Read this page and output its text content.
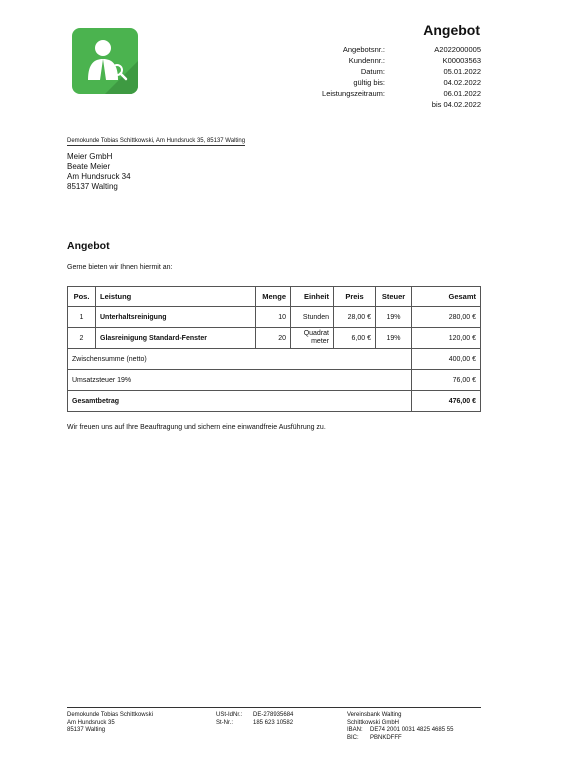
Angebot
Angebotsnr.:	A2022000005
Kundennr.:	K00003563
Datum:	05.01.2022
gültig bis:	04.02.2022
Leistungszeitraum:	06.01.2022
bis 04.02.2022
Demokunde Tobias Schittkowski, Am Hundsruck 35, 85137 Walting
Meier GmbH
Beate Meier
Am Hundsruck 34
85137 Walting
Angebot
Gerne bieten wir Ihnen hiermit an:
Pos.	Leistung	Menge	Einheit	Preis	Steuer	Gesamt
1	Unterhaltsreinigung	10	Stunden	28,00 €	19%	280,00 €
2	Glasreinigung Standard-Fenster	20	Quadrat
meter	6,00 €	19%	120,00 €
Zwischensumme (netto)						400,00 €
Umsatzsteuer 19%						76,00 €
Gesamtbetrag						476,00 €
Wir freuen uns auf Ihre Beauftragung und sichern eine einwandfreie Ausführung zu.
Demokunde Tobias Schittkowski
Am Hundsruck 35
85137 Walting
USt-IdNr.:	DE-278935684
St-Nr.:	185 623 10582
Vereinsbank Walting
Schittkowski GmbH
IBAN:	DE74 2001 0031 4825 4685 55
BIC:	PBNKDFFF
